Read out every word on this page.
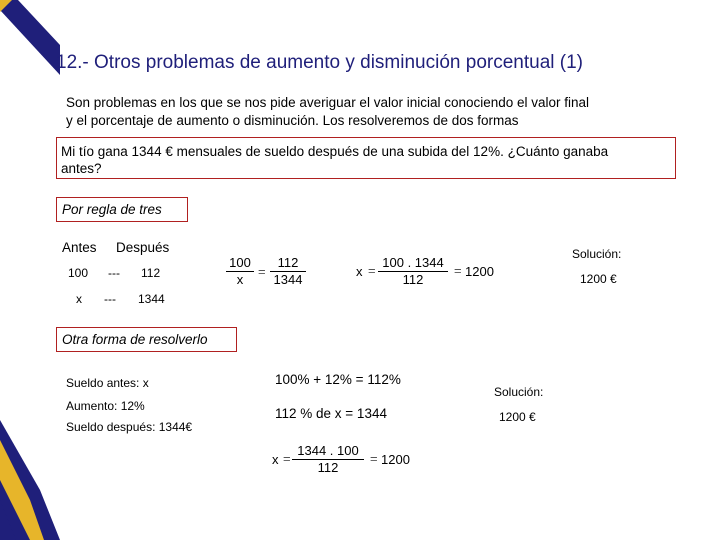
12.- Otros problemas de aumento y disminución porcentual (1)
Son problemas en los que se nos pide averiguar el valor inicial conociendo el valor final
y el porcentaje de aumento o disminución. Los resolveremos de dos formas
Mi tío gana 1344 € mensuales de sueldo después de una subida del 12%. ¿Cuánto ganaba
antes?
Por regla de tres
Antes Después
100 --- 112
x --- 1344
$\frac{100}{x} = \frac{112}{1344}$	$x = \frac{100 . 1344}{112} = 1200$
Solución:
1200 €
Otra forma de resolverlo
Sueldo antes: x
Aumento: 12%
Sueldo después: 1344€
100% + 12% = 112%
112 % de x = 1344
$x = \frac{1344 . 100}{112} = 1200$
Solución:
1200 €
